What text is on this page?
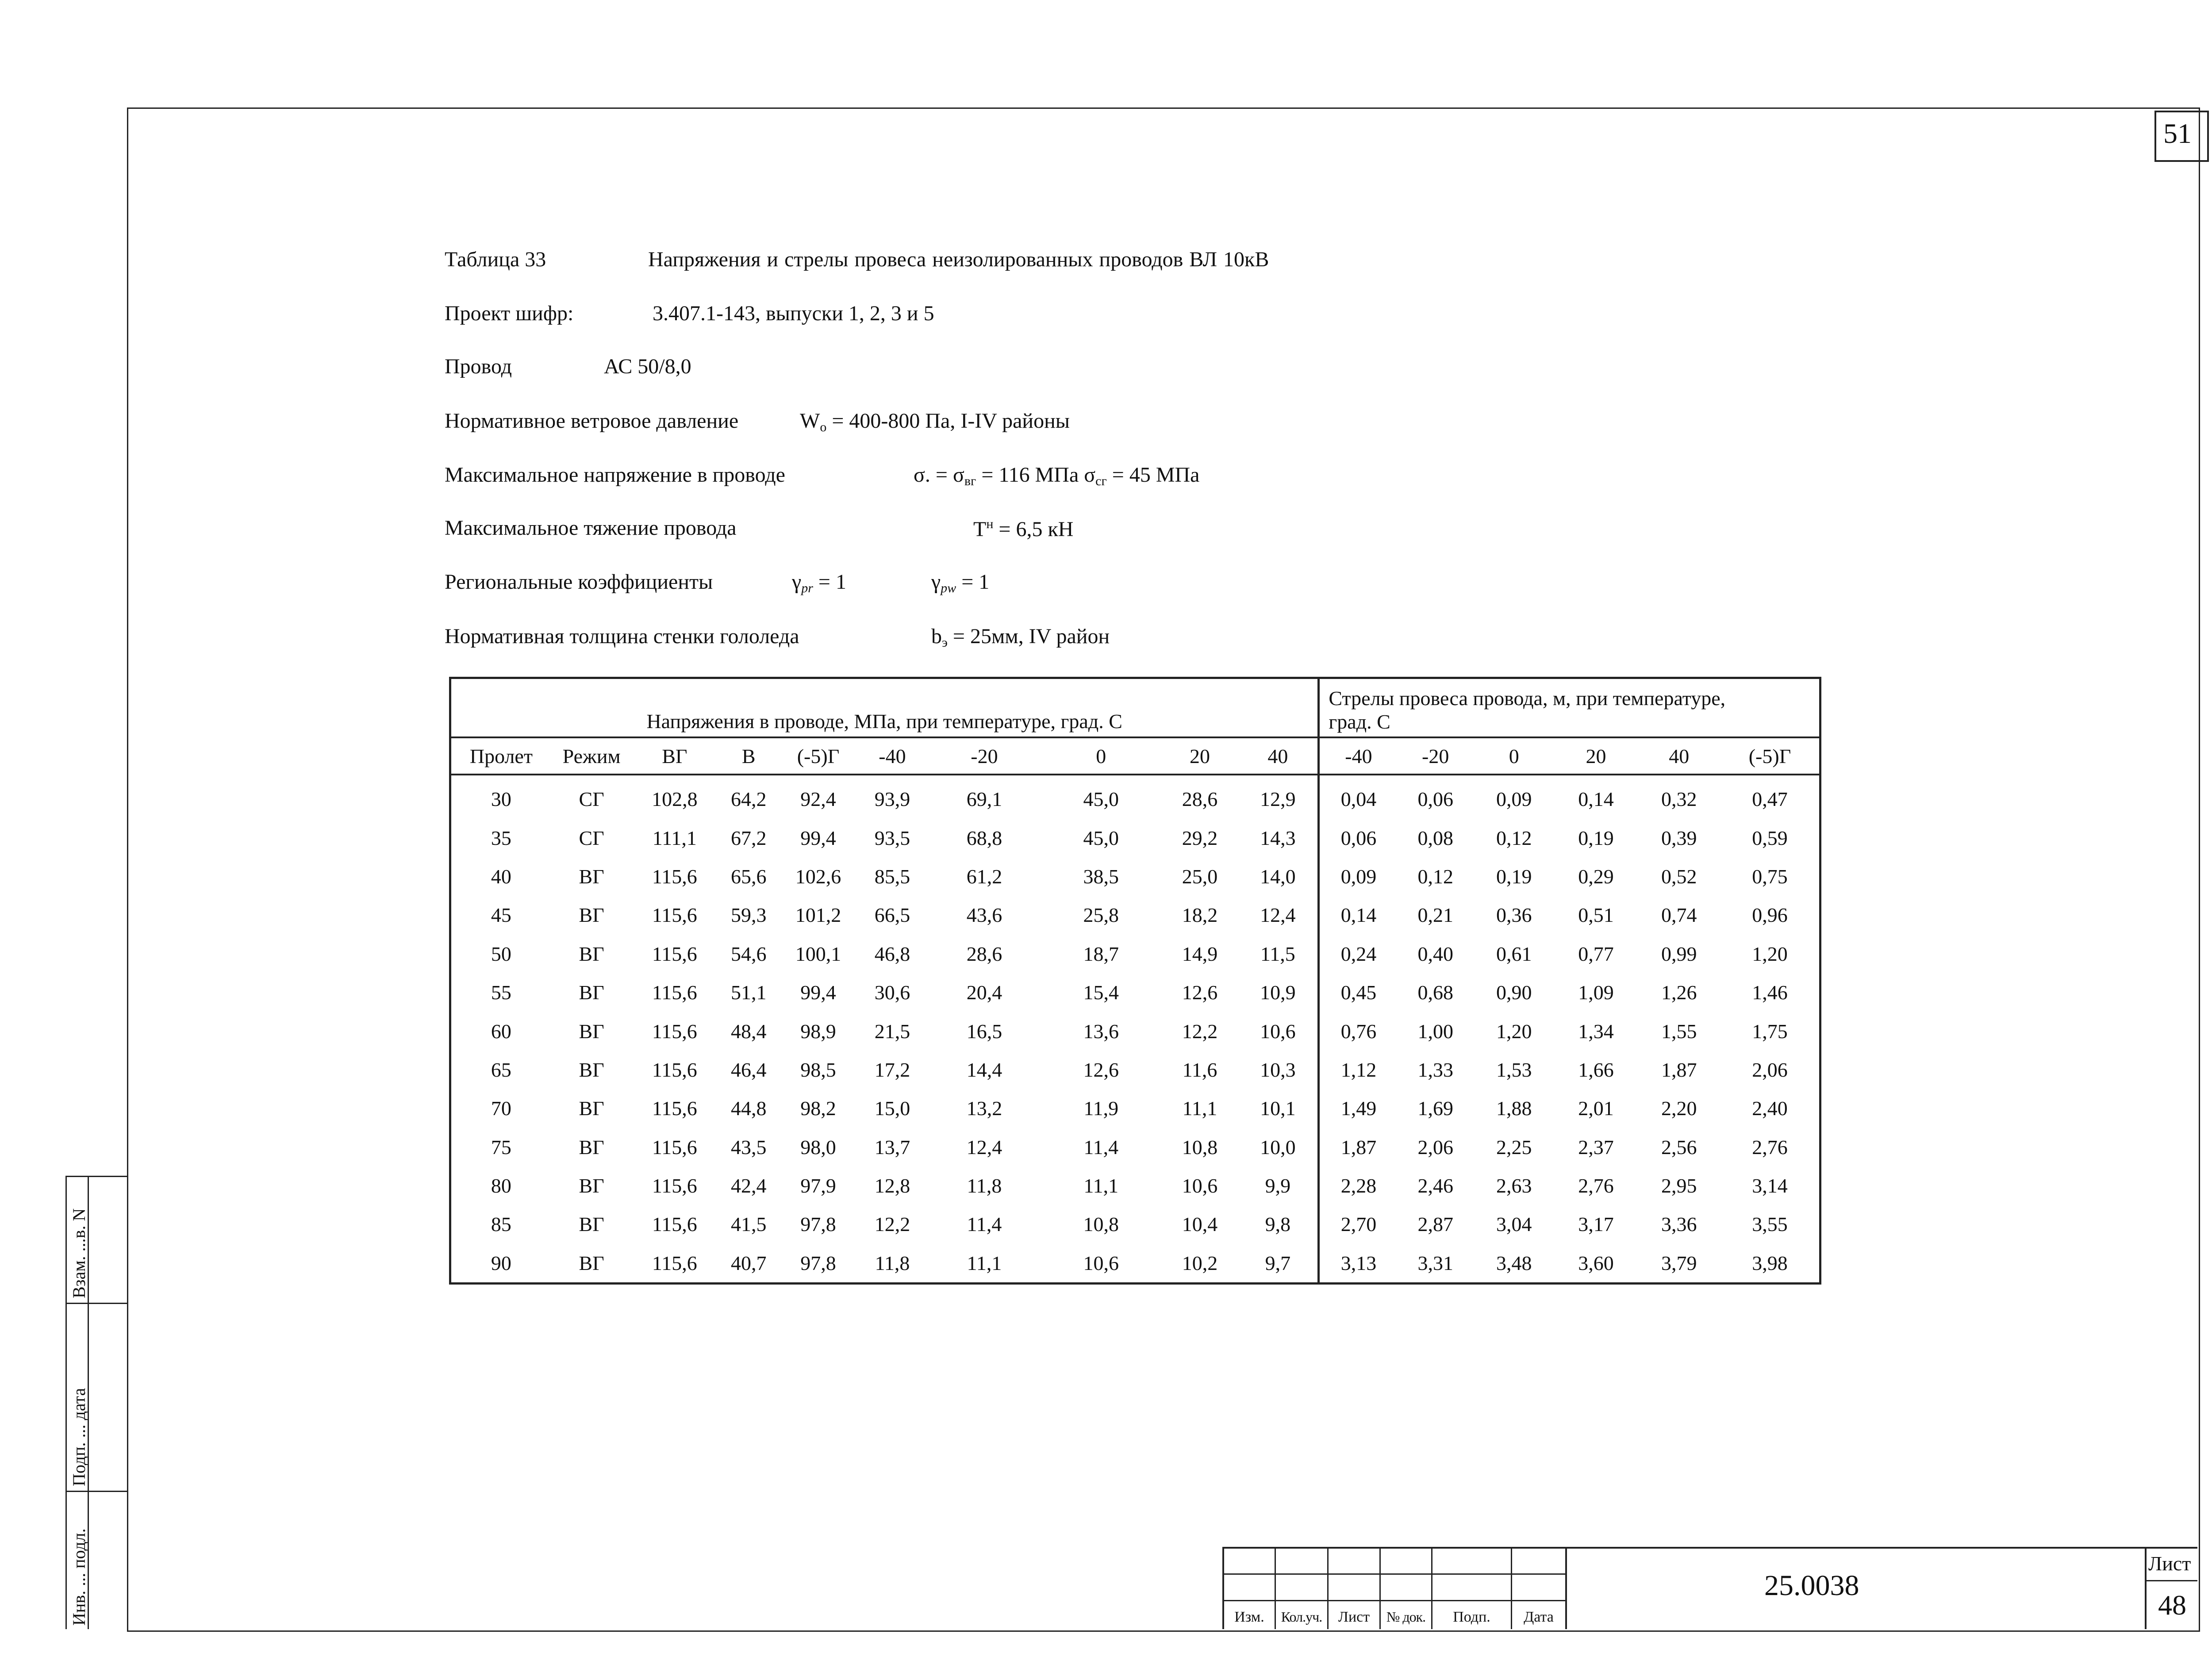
51
Таблица 33	Напряжения и стрелы провеса неизолированных проводов ВЛ 10кВ
Проект шифр:	3.407.1-143, выпуски 1, 2, 3 и 5
Провод	АС 50/8,0
Нормативное ветровое давление	$W_о = 400-800$ Па, I-IV районы
Максимальное напряжение в проводе	σ. = $\sigma_{вг} = 116$ МПа $\sigma_{сг} = 45$ МПа
Максимальное тяжение провода	$T^н = 6,5$ кН
Региональные коэффициенты	$\gamma_{pr} = 1$	$\gamma_{pw} = 1$
Нормативная толщина стенки гололеда	$b_э = 25мм$, IV район
Напряжения в проводе, МПа, при температуре, град. С										Стрелы провеса провода, м, при температуре,
град. С					

Пролет	Режим	ВГ	В	(-5)Г	-40	-20	0	20	40	-40	-20	0	20	40	(-5)Г
30	СГ	102,8	64,2	92,4	93,9	69,1	45,0	28,6	12,9	0,04	0,06	0,09	0,14	0,32	0,47
35	СГ	111,1	67,2	99,4	93,5	68,8	45,0	29,2	14,3	0,06	0,08	0,12	0,19	0,39	0,59
40	ВГ	115,6	65,6	102,6	85,5	61,2	38,5	25,0	14,0	0,09	0,12	0,19	0,29	0,52	0,75
45	ВГ	115,6	59,3	101,2	66,5	43,6	25,8	18,2	12,4	0,14	0,21	0,36	0,51	0,74	0,96
50	ВГ	115,6	54,6	100,1	46,8	28,6	18,7	14,9	11,5	0,24	0,40	0,61	0,77	0,99	1,20
55	ВГ	115,6	51,1	99,4	30,6	20,4	15,4	12,6	10,9	0,45	0,68	0,90	1,09	1,26	1,46
60	ВГ	115,6	48,4	98,9	21,5	16,5	13,6	12,2	10,6	0,76	1,00	1,20	1,34	1,55	1,75
65	ВГ	115,6	46,4	98,5	17,2	14,4	12,6	11,6	10,3	1,12	1,33	1,53	1,66	1,87	2,06
70	ВГ	115,6	44,8	98,2	15,0	13,2	11,9	11,1	10,1	1,49	1,69	1,88	2,01	2,20	2,40
75	ВГ	115,6	43,5	98,0	13,7	12,4	11,4	10,8	10,0	1,87	2,06	2,25	2,37	2,56	2,76
80	ВГ	115,6	42,4	97,9	12,8	11,8	11,1	10,6	9,9	2,28	2,46	2,63	2,76	2,95	3,14
85	ВГ	115,6	41,5	97,8	12,2	11,4	10,8	10,4	9,8	2,70	2,87	3,04	3,17	3,36	3,55
90	ВГ	115,6	40,7	97,8	11,8	11,1	10,6	10,2	9,7	3,13	3,31	3,48	3,60	3,79	3,98
Взам. ...в. N
Подп. ... дата
Инв. ... подл.	Изм.	Кол.уч.	Лист	№ док.	Подп.	Дата
25.0038
Лист
48
